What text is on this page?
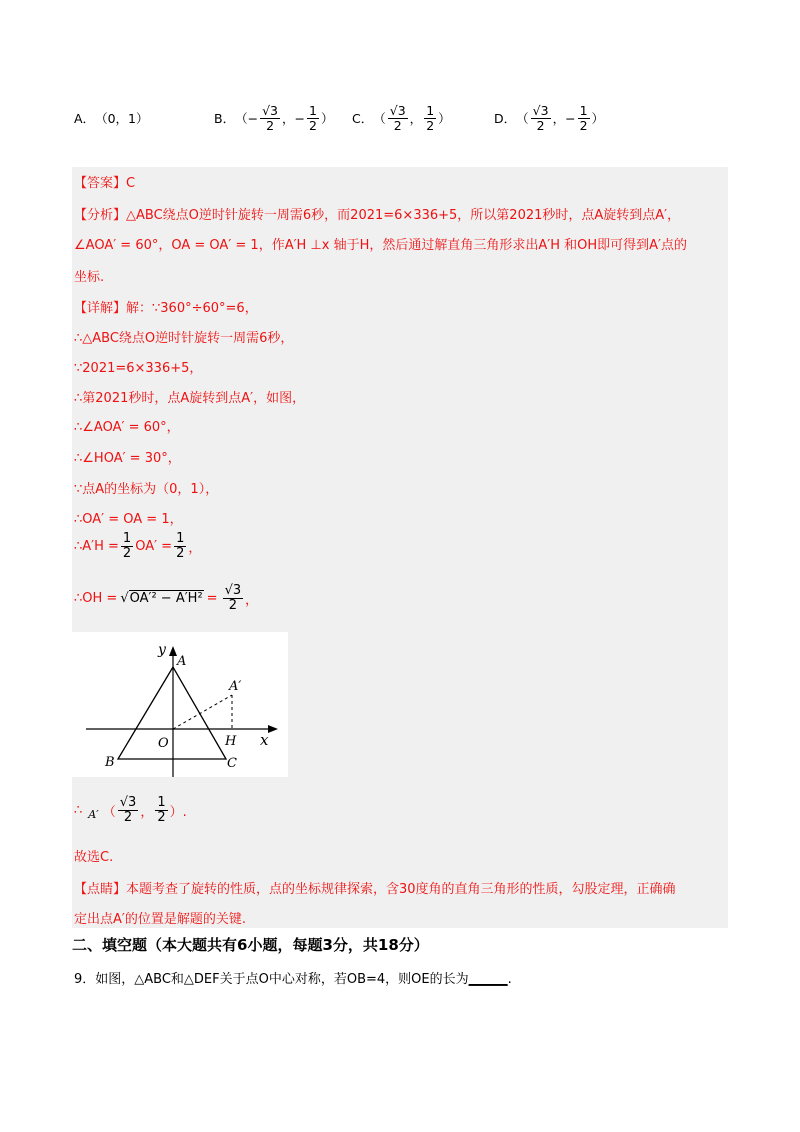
A． （0，1）	B． （ − $\frac{√3}{2}$ ， − $\frac{1}{2}$ ） C． （ $\frac{√3}{2}$ ， $\frac{1}{2}$ ）	D． （ $\frac{√3}{2}$ ， − $\frac{1}{2}$ ）
【答案】C
【分析】△ABC绕点O逆时针旋转一周需6秒，而2021=6×336+5，所以第2021秒时，点A旋转到点A′，
∠AOA′ = 60°，OA = OA′ = 1，作A′H ⊥x 轴于H，然后通过解直角三角形求出A′H 和OH即可得到A′点的
坐标.
【详解】解：∵360°÷60°=6，
∴△ABC绕点O逆时针旋转一周需6秒，
∵2021=6×336+5，
∴第2021秒时，点A旋转到点A′，如图，
∴∠AOA′ = 60°，
∴∠HOA′ = 30°，
∵点A的坐标为（0，1），
∴OA′ = OA = 1，
∴A′H = $\frac{1}{2} OA' = \frac{1}{2}$ ，
∴OH = √ $OA'^2 - A'H^2 = \frac{√3}{2}$ ，
y
A
A′
O	H x
B	C
∴ A′ （ $\frac{√3}{2}$ ， $\frac{1}{2}$ ）.
故选C.
【点睛】本题考查了旋转的性质，点的坐标规律探索，含30度角的直角三角形的性质，勾股定理，正确确
定出点A′的位置是解题的关键.
二、填空题（本大题共有6小题，每题3分，共18分）
9．如图，△ABC和△DEF关于点O中心对称，若OB=4，则OE的长为______.
